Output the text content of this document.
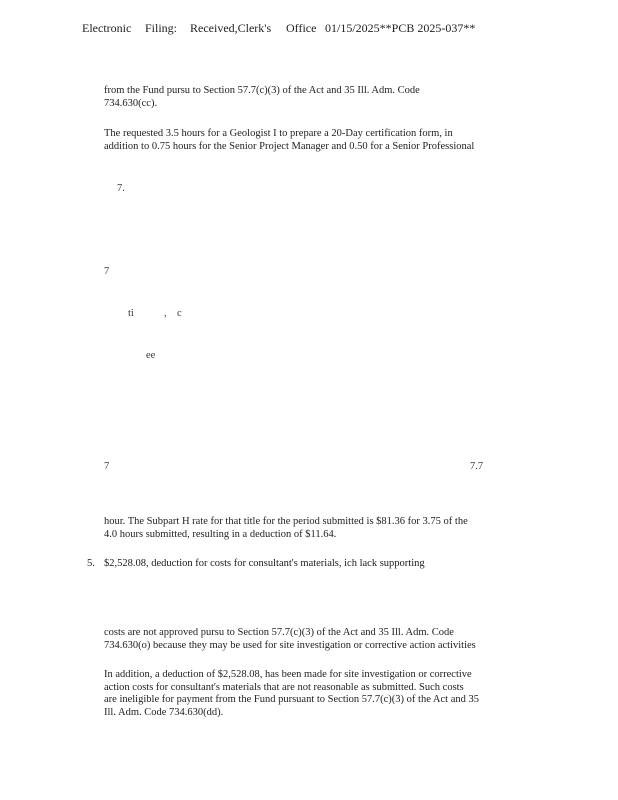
Electronic Filing: Received,Clerk's Office 01/15/2025**PCB 2025-037**
from the Fund pursu to Section 57.7(c)(3) of the Act and 35 Ill. Adm. Code
734.630(cc).
The requested 3.5 hours for a Geologist I to prepare a 20-Day certification form, in
addition to 0.75 hours for the Senior Project Manager and 0.50 for a Senior Professional
7.
7
ti	, c
ee
7	7.7
hour. The Subpart H rate for that title for the period submitted is $81.36 for 3.75 of the
4.0 hours submitted, resulting in a deduction of $11.64.
5. $2,528.08, deduction for costs for consultant's materials, ich lack supporting
costs are not approved pursu to Section 57.7(c)(3) of the Act and 35 Ill. Adm. Code
734.630(o) because they may be used for site investigation or corrective action activities
In addition, a deduction of $2,528.08, has been made for site investigation or corrective
action costs for consultant's materials that are not reasonable as submitted. Such costs
are ineligible for payment from the Fund pursuant to Section 57.7(c)(3) of the Act and 35
Ill. Adm. Code 734.630(dd).
